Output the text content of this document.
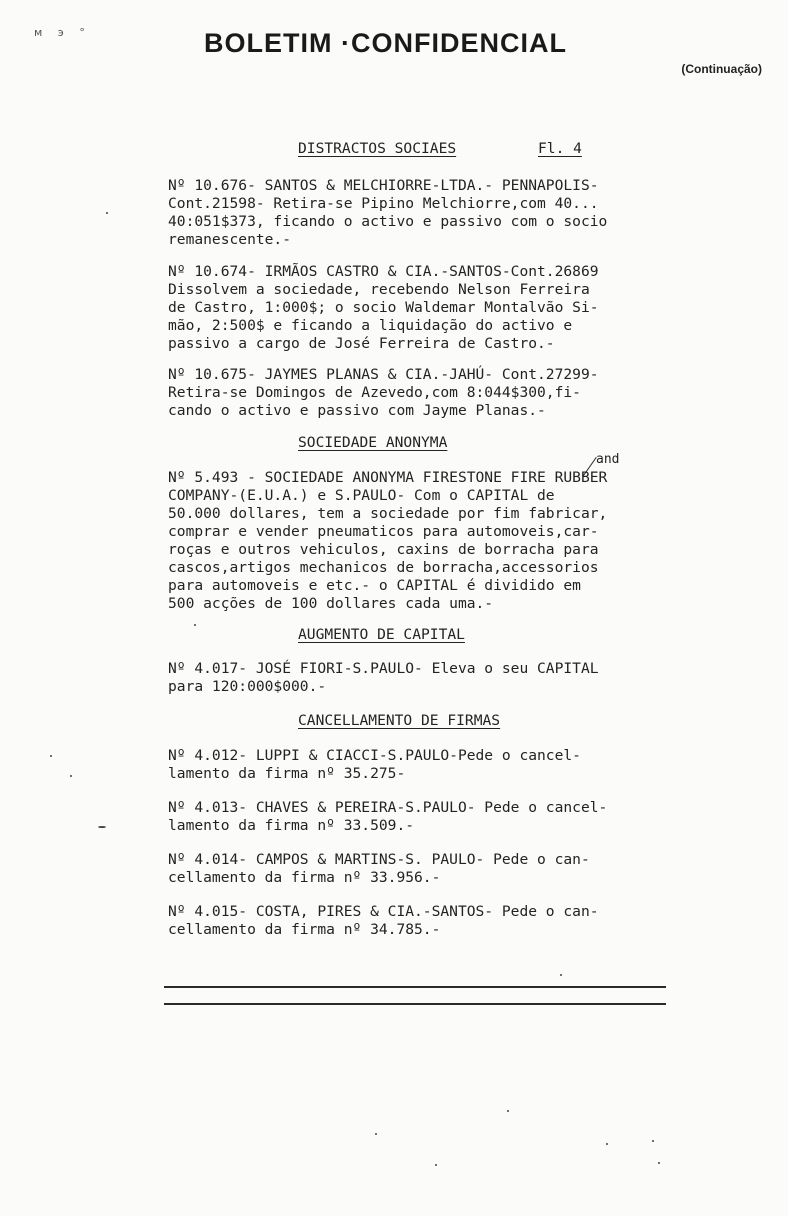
м э °	BOLETIM ·CONFIDENCIAL
(Continuação)
DISTRACTOS SOCIAES	Fl. 4
Nº 10.676- SANTOS & MELCHIORRE-LTDA.- PENNAPOLIS-
Cont.21598- Retira-se Pipino Melchiorre,com 40...
40:051$373, ficando o activo e passivo com o socio
remanescente.-
Nº 10.674- IRMÃOS CASTRO & CIA.-SANTOS-Cont.26869
Dissolvem a sociedade, recebendo Nelson Ferreira
de Castro, 1:000$; o socio Waldemar Montalvão Si-
mão, 2:500$ e ficando a liquidação do activo e
passivo a cargo de José Ferreira de Castro.-
Nº 10.675- JAYMES PLANAS & CIA.-JAHÚ- Cont.27299-
Retira-se Domingos de Azevedo,com 8:044$300,fi-
cando o activo e passivo com Jayme Planas.-
SOCIEDADE ANONYMA
and
Nº 5.493 - SOCIEDADE ANONYMA FIRESTONE FIRE RUBBER
COMPANY-(E.U.A.) e S.PAULO- Com o CAPITAL de
50.000 dollares, tem a sociedade por fim fabricar,
comprar e vender pneumaticos para automoveis,car-
roças e outros vehiculos, caxins de borracha para
cascos,artigos mechanicos de borracha,accessorios
para automoveis e etc.- o CAPITAL é dividido em
500 acções de 100 dollares cada uma.-
AUGMENTO DE CAPITAL
Nº 4.017- JOSÉ FIORI-S.PAULO- Eleva o seu CAPITAL
para 120:000$000.-
CANCELLAMENTO DE FIRMAS
Nº 4.012- LUPPI & CIACCI-S.PAULO-Pede o cancel-
lamento da firma nº 35.275-
Nº 4.013- CHAVES & PEREIRA-S.PAULO- Pede o cancel-
lamento da firma nº 33.509.-
Nº 4.014- CAMPOS & MARTINS-S. PAULO- Pede o can-
cellamento da firma nº 33.956.-
Nº 4.015- COSTA, PIRES & CIA.-SANTOS- Pede o can-
cellamento da firma nº 34.785.-
